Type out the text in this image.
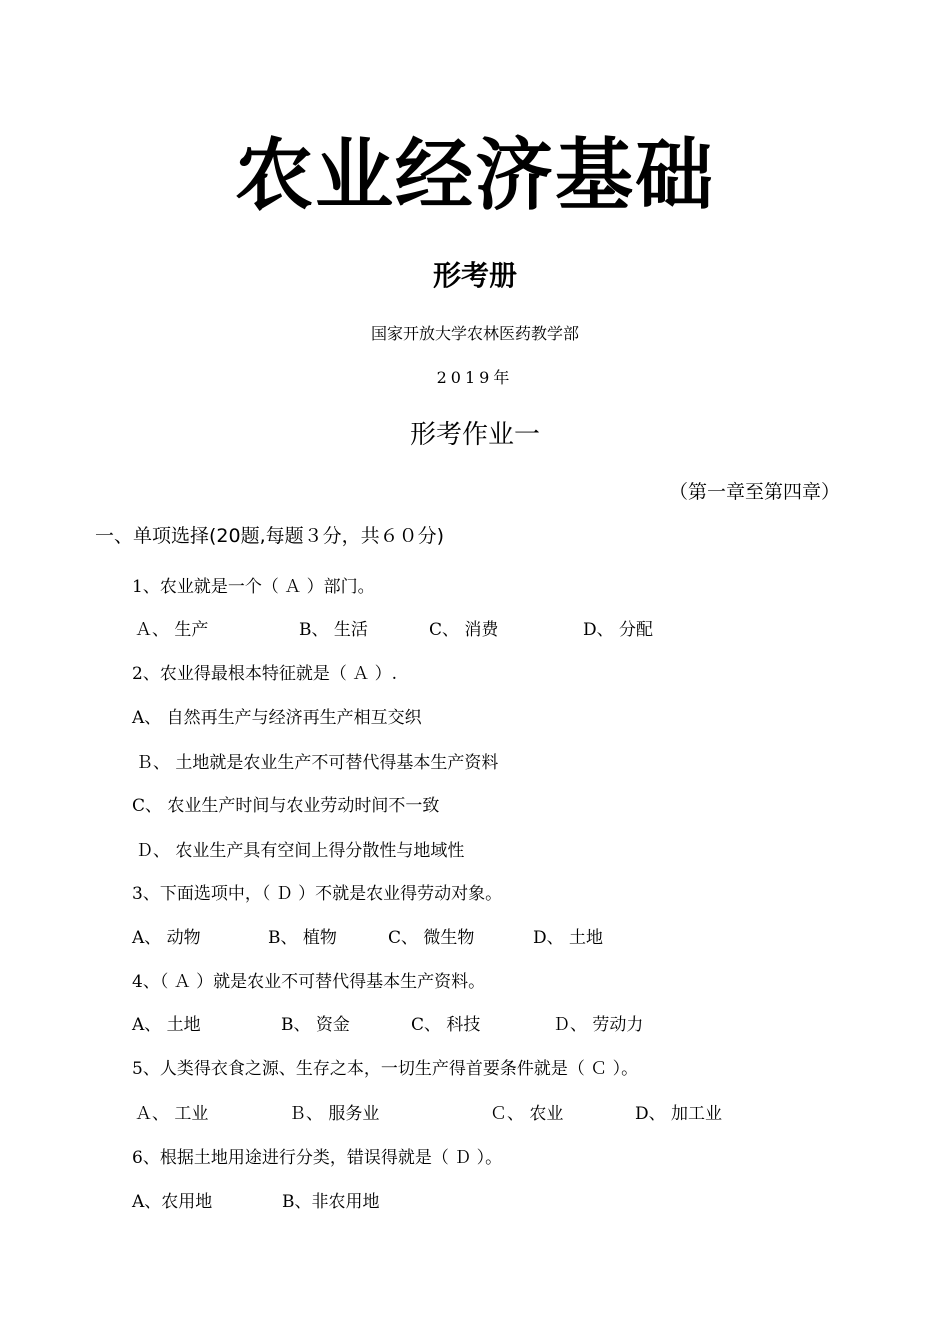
农业经济基础
形考册
国家开放大学农林医药教学部
2019年
形考作业一
（第一章至第四章）
一、单项选择(20题,每题３分，共６０分)
1、农业就是一个（ Ａ ）部门。
Ａ、 生产	B、 生活	C、 消费	D、 分配
2、农业得最根本特征就是（ Ａ ）.
A、 自然再生产与经济再生产相互交织
Ｂ、 土地就是农业生产不可替代得基本生产资料
C、 农业生产时间与农业劳动时间不一致
Ｄ、 农业生产具有空间上得分散性与地域性
3、下面选项中，（ Ｄ ）不就是农业得劳动对象。
A、 动物	B、 植物	C、 微生物	D、 土地
4、（ Ａ ）就是农业不可替代得基本生产资料。
A、 土地	B、 资金	C、 科技	Ｄ、 劳动力
5、人类得衣食之源、生存之本，一切生产得首要条件就是（ Ｃ ）。
Ａ、 工业	Ｂ、 服务业	Ｃ、 农业	D、 加工业
6、根据土地用途进行分类，错误得就是（ Ｄ ）。
A、农用地	B、非农用地
